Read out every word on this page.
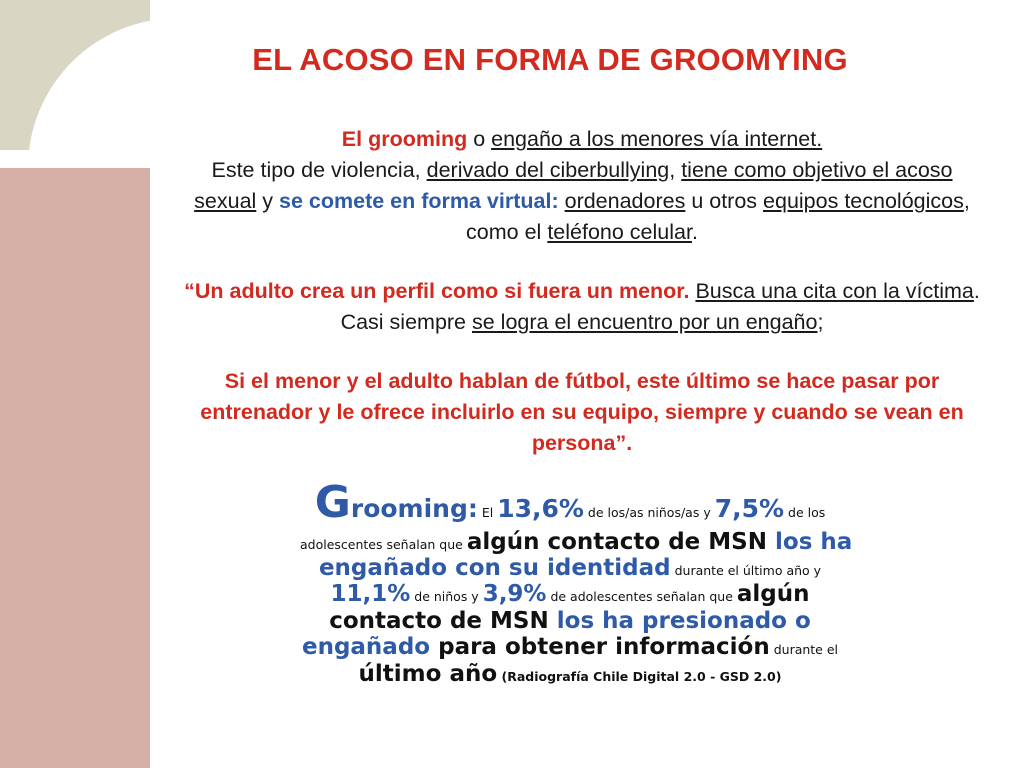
EL ACOSO EN FORMA DE GROOMYING

El grooming o engaño a los menores vía internet.
Este tipo de violencia, derivado del ciberbullying, tiene como objetivo el acoso sexual y se comete en forma virtual: ordenadores u otros equipos tecnológicos, como el teléfono celular.

“Un adulto crea un perfil como si fuera un menor. Busca una cita con la víctima. Casi siempre se logra el encuentro por un engaño;

Si el menor y el adulto hablan de fútbol, este último se hace pasar por entrenador y le ofrece incluirlo en su equipo, siempre y cuando se vean en persona”.

Grooming: El 13,6% de los/as niños/as y 7,5% de los
adolescentes señalan que algún contacto de MSN los ha
engañado con su identidad durante el último año y
11,1% de niños y 3,9% de adolescentes señalan que algún
contacto de MSN los ha presionado o
engañado para obtener información durante el
último año (Radiografía Chile Digital 2.0 - GSD 2.0)
